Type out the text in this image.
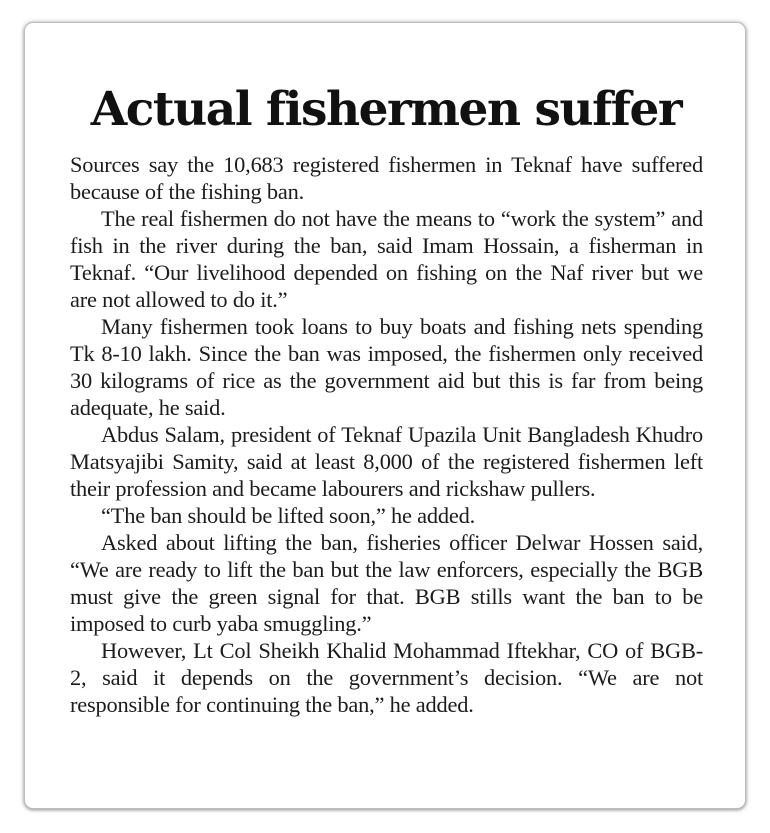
Actual fishermen suffer

Sources say the 10,683 registered fishermen in Teknaf have suffered because of the fishing ban.

The real fishermen do not have the means to “work the system” and fish in the river during the ban, said Imam Hossain, a fisherman in Teknaf. “Our livelihood depended on fishing on the Naf river but we are not allowed to do it.”

Many fishermen took loans to buy boats and fishing nets spending Tk 8-10 lakh. Since the ban was imposed, the fishermen only received 30 kilograms of rice as the government aid but this is far from being adequate, he said.

Abdus Salam, president of Teknaf Upazila Unit Bangladesh Khudro Matsyajibi Samity, said at least 8,000 of the registered fishermen left their profession and became labourers and rickshaw pullers.

“The ban should be lifted soon,” he added.

Asked about lifting the ban, fisheries officer Delwar Hossen said, “We are ready to lift the ban but the law enforcers, especially the BGB must give the green signal for that. BGB stills want the ban to be imposed to curb yaba smuggling.”

However, Lt Col Sheikh Khalid Mohammad Iftekhar, CO of BGB-2, said it depends on the government’s decision. “We are not responsible for continuing the ban,” he added.
